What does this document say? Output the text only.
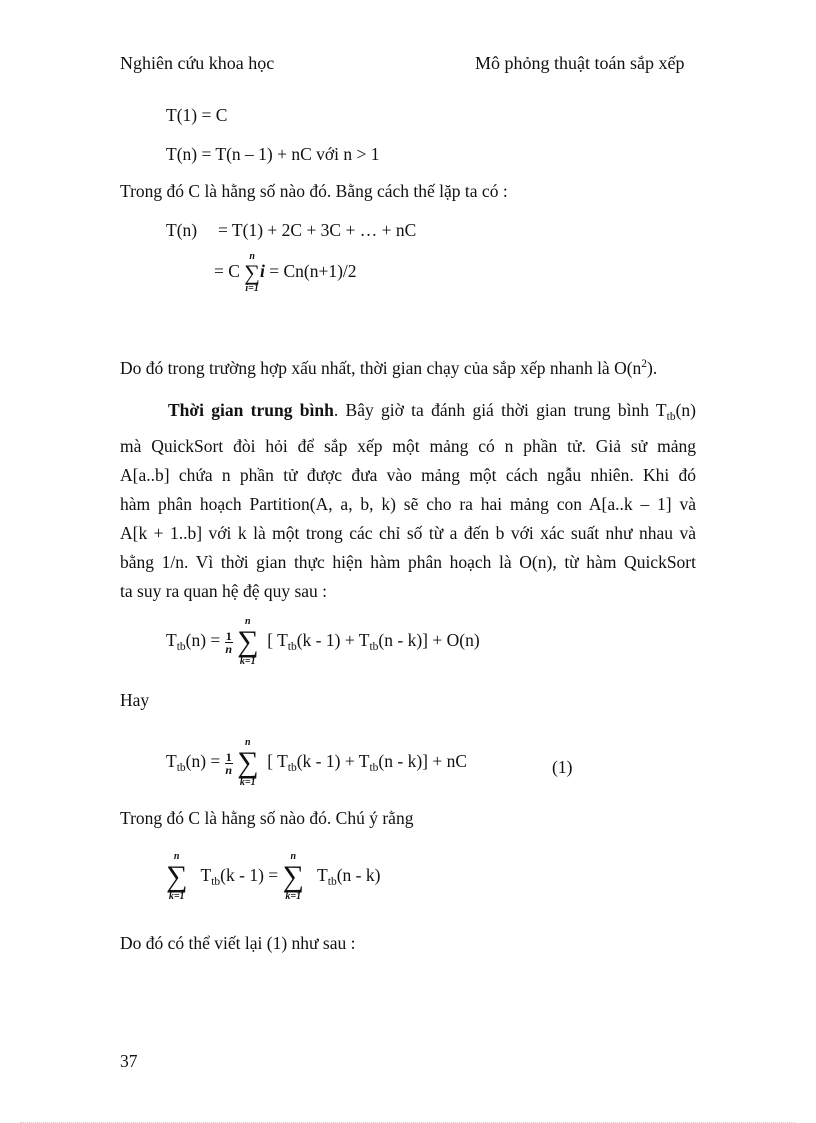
Nghiên cứu khoa học	Mô phỏng thuật toán sắp xếp
T(1) = C
T(n) = T(n – 1) + nC với n > 1
Trong đó C là hằng số nào đó. Bằng cách thế lặp ta có :
T(n) = T(1) + 2C + 3C + … + nC
= C
n
∑
i=1
i = Cn(n+1)/2
Do đó trong trường hợp xấu nhất, thời gian chạy của sắp xếp nhanh là $O(n^2)$.
Thời gian trung bình. Bây giờ ta đánh giá thời gian trung bình $T_{tb}(n)$
mà QuickSort đòi hỏi để sắp xếp một mảng có n phần tử. Giả sử mảng
A[a..b] chứa n phần tử được đưa vào mảng một cách ngẫu nhiên. Khi đó
hàm phân hoạch Partition(A, a, b, k) sẽ cho ra hai mảng con A[a..k – 1] và
A[k + 1..b] với k là một trong các chỉ số từ a đến b với xác suất như nhau và
bằng 1/n. Vì thời gian thực hiện hàm phân hoạch là O(n), từ hàm QuickSort
ta suy ra quan hệ đệ quy sau :
$T_{tb}(n) = \frac{1}{n}$

n
∑
k=1
[ $T_{tb}(k - 1) + T_{tb}(n - k)] + O(n)$
Hay
$T_{tb}(n) = \frac{1}{n}$

n
∑
k=1
[ $T_{tb}(k - 1) + T_{tb}(n - k)$] + nC	(1)
Trong đó C là hằng số nào đó. Chú ý rằng
n
∑
k=1
$T_{tb}(k - 1)$ =
n
∑
k=1
$T_{tb}(n - k)$
Do đó có thể viết lại (1) như sau :
37
